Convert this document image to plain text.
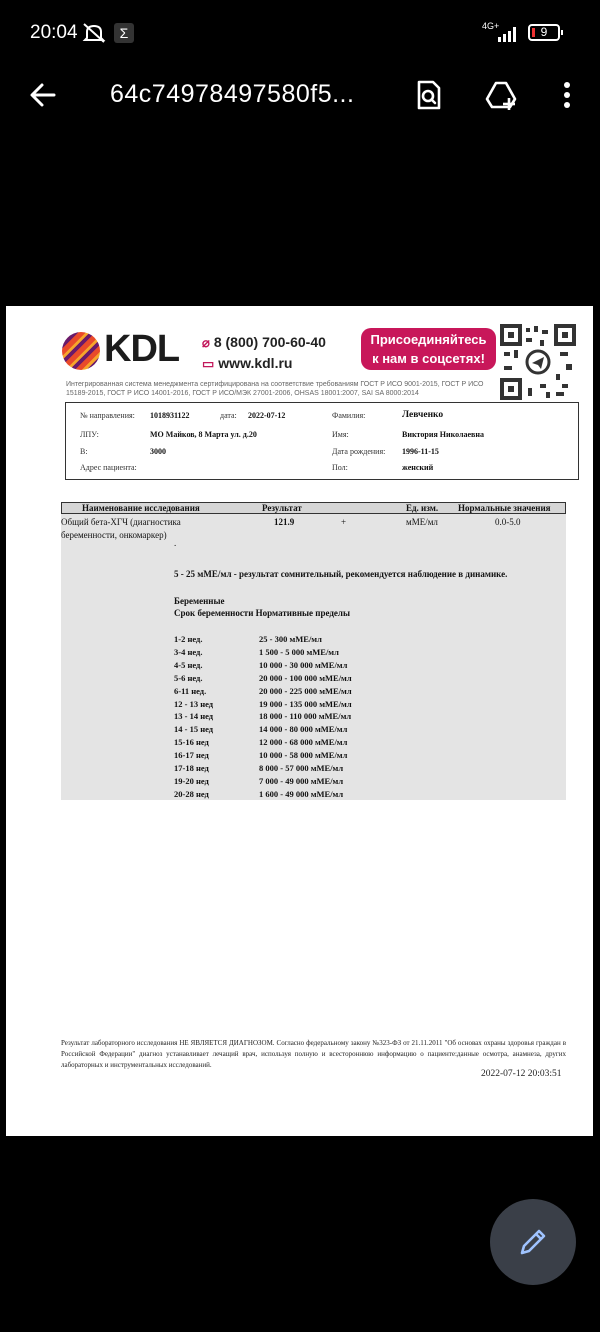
20:04	Σ	4G+	9
64c74978497580f5...
KDL ⌀ 8 (800) 700-60-40
▭ www.kdl.ru
Присоединяйтесь
к нам в соцсетях!
Интегрированная система менеджмента сертифицирована на соответствие требованиям ГОСТ Р ИСО 9001-2015, ГОСТ Р ИСО 15189-2015, ГОСТ Р ИСО 14001-2016, ГОСТ Р ИСО/МЭК 27001-2006, OHSAS 18001:2007, SAI SA 8000:2014
№ направления: 1018931122	дата: 2022-07-12
ЛПУ:	МО Майков, 8 Марта ул. д.20
В:	3000
Адрес пациента:
Фамилия:	Левченко
Имя:	Виктория Николаевна
Дата рождения: 1996-11-15
Пол:	женский
Наименование исследования	Результат	Ед. изм. Нормальные значения
Общий бета-ХГЧ (диагностика
беременности, онкомаркер)
121.9	+	мМЕ/мл	0.0-5.0
.
5 - 25 мМЕ/мл - результат сомнительный, рекомендуется наблюдение в динамике.
Беременные
Срок беременности Нормативные пределы
1-2 нед.	25 - 300 мМЕ/мл
3-4 нед.	1 500 - 5 000 мМЕ/мл
4-5 нед.	10 000 - 30 000 мМЕ/мл
5-6 нед.	20 000 - 100 000 мМЕ/мл
6-11 нед.	20 000 - 225 000 мМЕ/мл
12 - 13 нед	19 000 - 135 000 мМЕ/мл
13 - 14 нед	18 000 - 110 000 мМЕ/мл
14 - 15 нед	14 000 - 80 000 мМЕ/мл
15-16 нед	12 000 - 68 000 мМЕ/мл
16-17 нед	10 000 - 58 000 мМЕ/мл
17-18 нед	8 000 - 57 000 мМЕ/мл
19-20 нед	7 000 - 49 000 мМЕ/мл
20-28 нед	1 600 - 49 000 мМЕ/мл
Результат лабораторного исследования НЕ ЯВЛЯЕТСЯ ДИАГНОЗОМ. Согласно федеральному закону №323-ФЗ от 21.11.2011 "Об основах охраны здоровья граждан в Российской Федерации" диагноз устанавливает лечащий врач, используя полную и всестороннюю информацию о пациенте:данные осмотра, анамнеза, других лабораторных и инструментальных исследований.
2022-07-12 20:03:51
